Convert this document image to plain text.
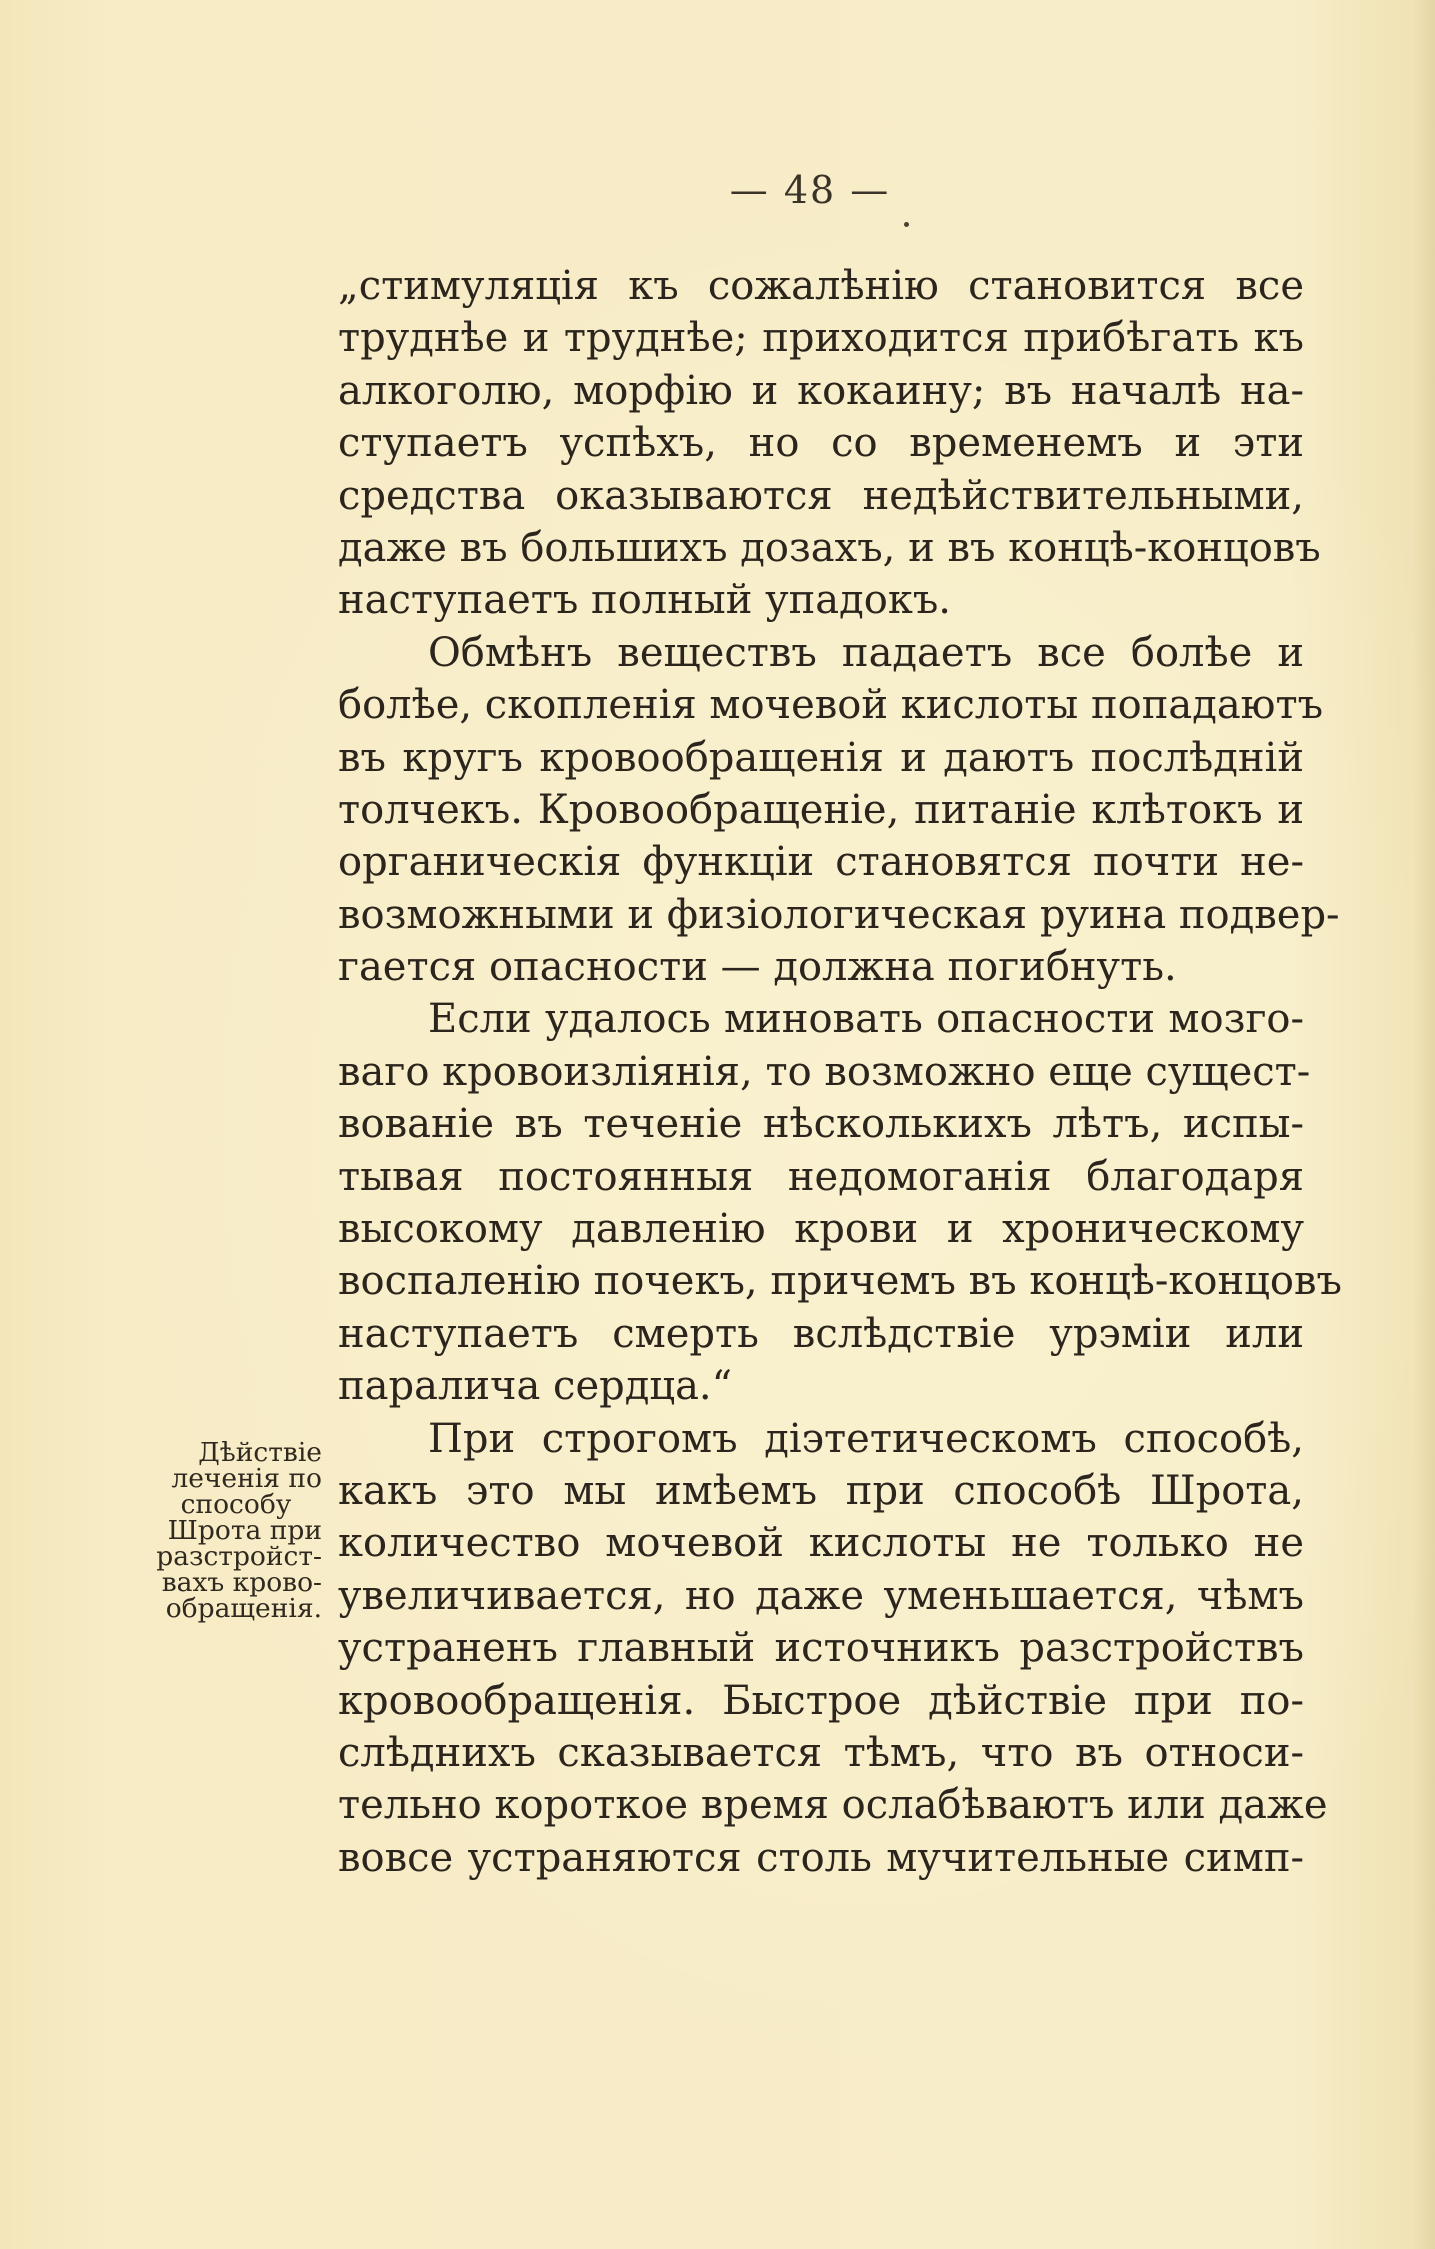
— 48 —
Дѣйствіе
леченія по
способу
Шрота при
разстройст-
вахъ крово-
обращенія.
„стимуляція къ сожалѣнію становится все
труднѣе и труднѣе; приходится прибѣгать къ
алкоголю, морфію и кокаину; въ началѣ на-
ступаетъ успѣхъ, но со временемъ и эти
средства оказываются недѣйствительными,
даже въ большихъ дозахъ, и въ концѣ-концовъ
наступаетъ полный упадокъ.
Обмѣнъ веществъ падаетъ все болѣе и
болѣе, скопленія мочевой кислоты попадаютъ
въ кругъ кровообращенія и даютъ послѣдній
толчекъ. Кровообращеніе, питаніе клѣтокъ и
органическія функціи становятся почти не-
возможными и физіологическая руина подвер-
гается опасности — должна погибнуть.
Если удалось миновать опасности мозго-
ваго кровоизліянія, то возможно еще сущест-
вованіе въ теченіе нѣсколькихъ лѣтъ, испы-
тывая постоянныя недомоганія благодаря
высокому давленію крови и хроническому
воспаленію почекъ, причемъ въ концѣ-концовъ
наступаетъ смерть вслѣдствіе урэміи или
паралича сердца.“
При строгомъ діэтетическомъ способѣ,
какъ это мы имѣемъ при способѣ Шрота,
количество мочевой кислоты не только не
увеличивается, но даже уменьшается, чѣмъ
устраненъ главный источникъ разстройствъ
кровообращенія. Быстрое дѣйствіе при по-
слѣднихъ сказывается тѣмъ, что въ относи-
тельно короткое время ослабѣваютъ или даже
вовсе устраняются столь мучительные симп-
